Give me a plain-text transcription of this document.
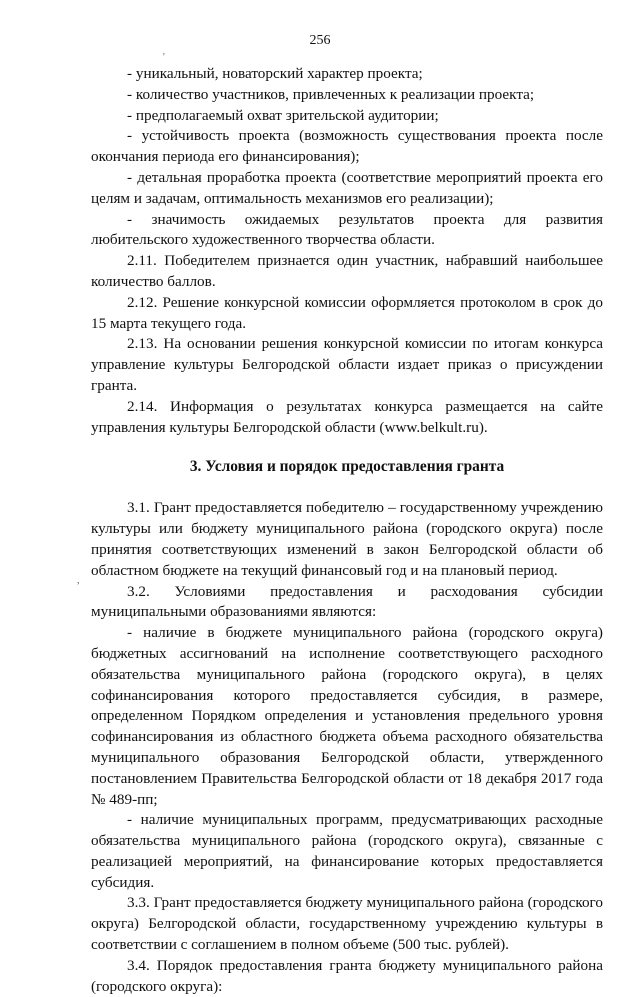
256

- уникальный, новаторский характер проекта;

- количество участников, привлеченных к реализации проекта;

- предполагаемый охват зрительской аудитории;

- устойчивость проекта (возможность существования проекта после окончания периода его финансирования);

- детальная проработка проекта (соответствие мероприятий проекта его целям и задачам, оптимальность механизмов его реализации);

- значимость ожидаемых результатов проекта для развития любительского художественного творчества области.

2.11. Победителем признается один участник, набравший наибольшее количество баллов.

2.12. Решение конкурсной комиссии оформляется протоколом в срок до 15 марта текущего года.

2.13. На основании решения конкурсной комиссии по итогам конкурса управление культуры Белгородской области издает приказ о присуждении гранта.

2.14. Информация о результатах конкурса размещается на сайте управления культуры Белгородской области (www.belkult.ru).

3. Условия и порядок предоставления гранта

3.1. Грант предоставляется победителю – государственному учреждению культуры или бюджету муниципального района (городского округа) после принятия соответствующих изменений в закон Белгородской области об областном бюджете на текущий финансовый год и на плановый период.

3.2. Условиями предоставления и расходования субсидии муниципальными образованиями являются:

- наличие в бюджете муниципального района (городского округа) бюджетных ассигнований на исполнение соответствующего расходного обязательства муниципального района (городского округа), в целях софинансирования которого предоставляется субсидия, в размере, определенном Порядком определения и установления предельного уровня софинансирования из областного бюджета объема расходного обязательства муниципального образования Белгородской области, утвержденного постановлением Правительства Белгородской области от 18 декабря 2017 года № 489-пп;

- наличие муниципальных программ, предусматривающих расходные обязательства муниципального района (городского округа), связанные с реализацией мероприятий, на финансирование которых предоставляется субсидия.

3.3. Грант предоставляется бюджету муниципального района (городского округа) Белгородской области, государственному учреждению культуры в соответствии с соглашением в полном объеме (500 тыс. рублей).

3.4. Порядок предоставления гранта бюджету муниципального района (городского округа):

'
,
